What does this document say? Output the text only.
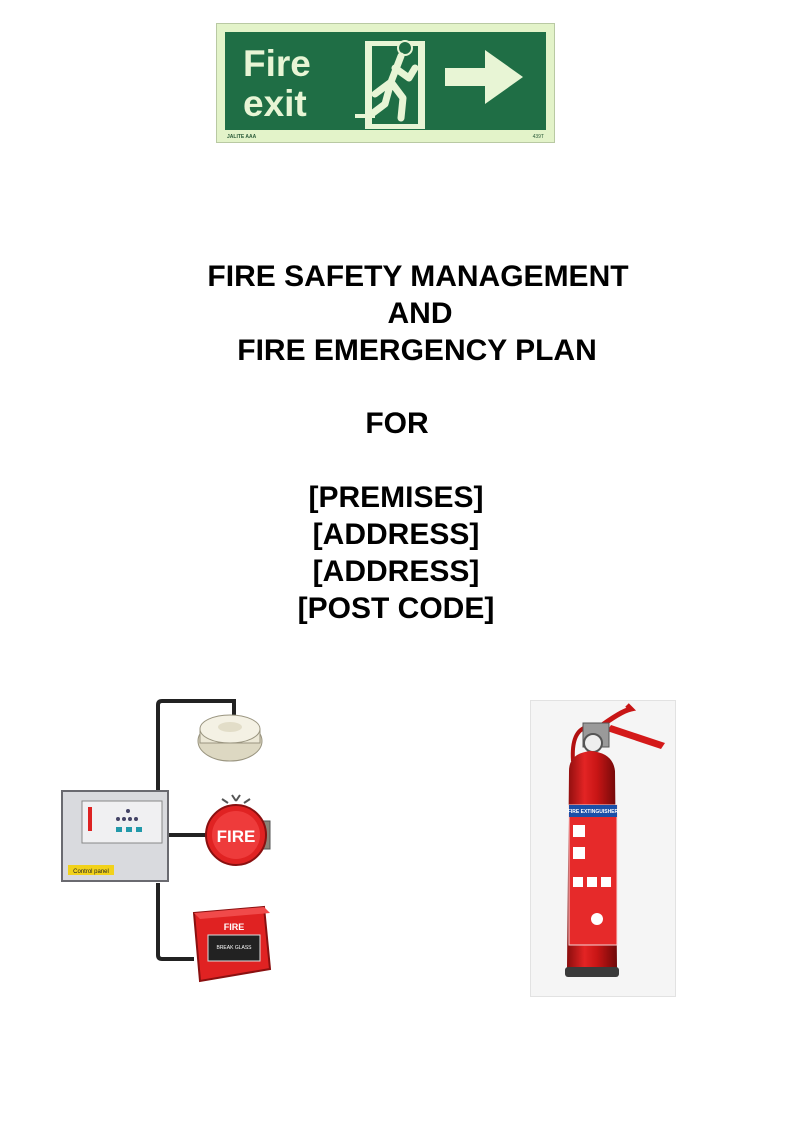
Fire
exit
JALITE AAA	439T
FIRE SAFETY MANAGEMENT
AND
FIRE EMERGENCY PLAN
FOR
[PREMISES]
[ADDRESS]
[ADDRESS]
[POST CODE]
Control panel
FIRE
FIRE
BREAK GLASS
FIRE EXTINGUISHER
